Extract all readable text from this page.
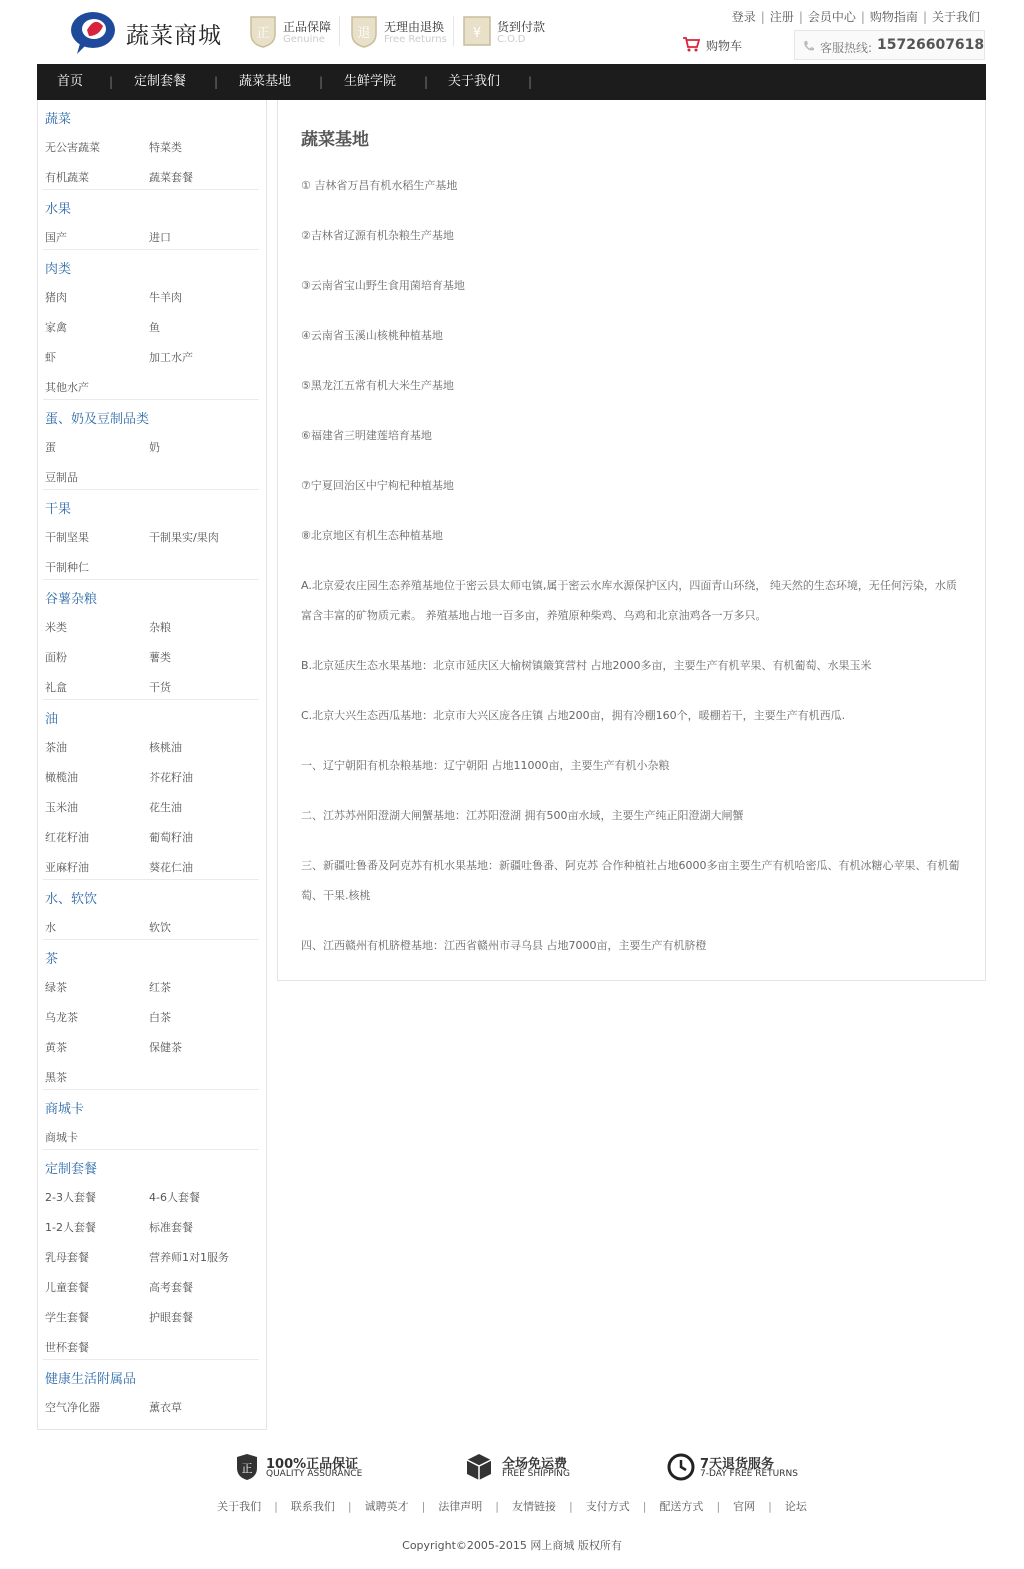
蔬菜商城	正 正品保障
Genuine	退 无理由退换
Free Returns ¥ 货到付款
C.O.D
登录 | 注册 | 会员中心 | 购物指南 | 关于我们
购物车	客服热线: 15726607618
首页 | 定制套餐 | 蔬菜基地 | 生鲜学院 | 关于我们 |
蔬菜
无公害蔬菜	特菜类
有机蔬菜	蔬菜套餐
水果
国产	进口
肉类
猪肉	牛羊肉
家禽	鱼
虾	加工水产
其他水产
蛋、奶及豆制品类
蛋	奶
豆制品
干果
干制坚果	干制果实/果肉
干制种仁
谷薯杂粮
米类	杂粮
面粉	薯类
礼盒	干货
油
茶油	核桃油
橄榄油	芥花籽油
玉米油	花生油
红花籽油	葡萄籽油
亚麻籽油	葵花仁油
水、软饮
水	软饮
茶
绿茶	红茶
乌龙茶	白茶
黄茶	保健茶
黑茶
商城卡
商城卡
定制套餐
2-3人套餐	4-6人套餐
1-2人套餐	标准套餐
乳母套餐	营养师1对1服务
儿童套餐	高考套餐
学生套餐	护眼套餐
世杯套餐
健康生活附属品
空气净化器	薰衣草
蔬菜基地
① 吉林省万昌有机水稻生产基地
②吉林省辽源有机杂粮生产基地
③云南省宝山野生食用菌培育基地
④云南省玉溪山核桃种植基地
⑤黑龙江五常有机大米生产基地
⑥福建省三明建莲培育基地
⑦宁夏回治区中宁枸杞种植基地
⑧北京地区有机生态种植基地
A.北京爱农庄园生态养殖基地位于密云县太师屯镇,属于密云水库水源保护区内，四面青山环绕， 纯天然的生态环境，无任何污染，水质富含丰富的矿物质元素。 养殖基地占地一百多亩，养殖原种柴鸡、乌鸡和北京油鸡各一万多只。
B.北京延庆生态水果基地：北京市延庆区大榆树镇簸箕营村 占地2000多亩，主要生产有机苹果、有机葡萄、水果玉米
C.北京大兴生态西瓜基地：北京市大兴区庞各庄镇 占地200亩，拥有冷棚160个，暖棚若干，主要生产有机西瓜.
一、辽宁朝阳有机杂粮基地：辽宁朝阳 占地11000亩，主要生产有机小杂粮
二、江苏苏州阳澄湖大闸蟹基地：江苏阳澄湖 拥有500亩水域，主要生产纯正阳澄湖大闸蟹
三、新疆吐鲁番及阿克苏有机水果基地：新疆吐鲁番、阿克苏 合作种植社占地6000多亩主要生产有机哈密瓜、有机冰糖心苹果、有机葡萄、干果.核桃
四、江西赣州有机脐橙基地：江西省赣州市寻乌县 占地7000亩，主要生产有机脐橙
正 100%正品保证
QUALITY ASSURANCE
全场免运费
FREE SHIPPING
7天退货服务
7-DAY FREE RETURNS
关于我们 | 联系我们 | 诚聘英才 | 法律声明 | 友情链接 | 支付方式 | 配送方式 | 官网 | 论坛
Copyright©2005-2015 网上商城 版权所有
